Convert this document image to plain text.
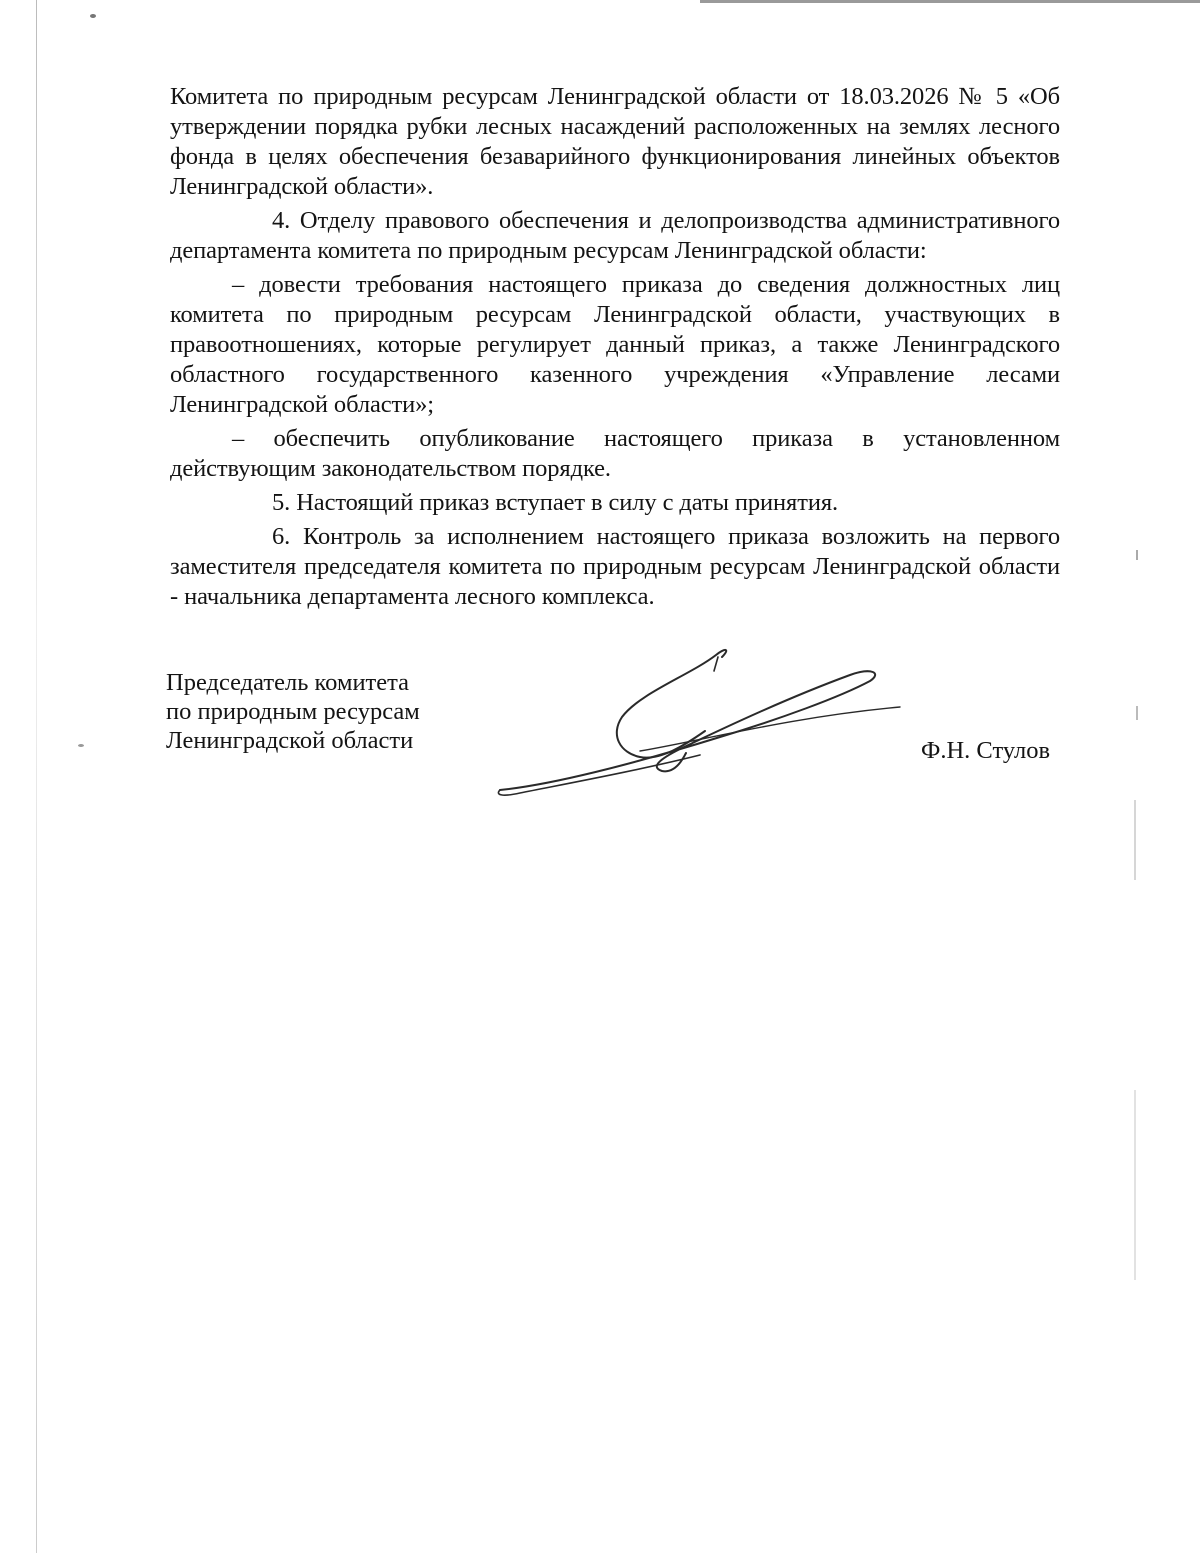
Комитета по природным ресурсам Ленинградской области от 18.03.2026 № 5 «Об утверждении порядка рубки лесных насаждений расположенных на землях лесного фонда в целях обеспечения безаварийного функционирования линейных объектов Ленинградской области».

4. Отделу правового обеспечения и делопроизводства административного департамента комитета по природным ресурсам Ленинградской области:

– довести требования настоящего приказа до сведения должностных лиц комитета по природным ресурсам Ленинградской области, участвующих в правоотношениях, которые регулирует данный приказ, а также Ленинградского областного государственного казенного учреждения «Управление лесами Ленинградской области»;

– обеспечить опубликование настоящего приказа в установленном действующим законодательством порядке.

5. Настоящий приказ вступает в силу с даты принятия.

6. Контроль за исполнением настоящего приказа возложить на первого заместителя председателя комитета по природным ресурсам Ленинградской области - начальника департамента лесного комплекса.

Председатель комитета
по природным ресурсам
Ленинградской области	Ф.Н. Стулов
